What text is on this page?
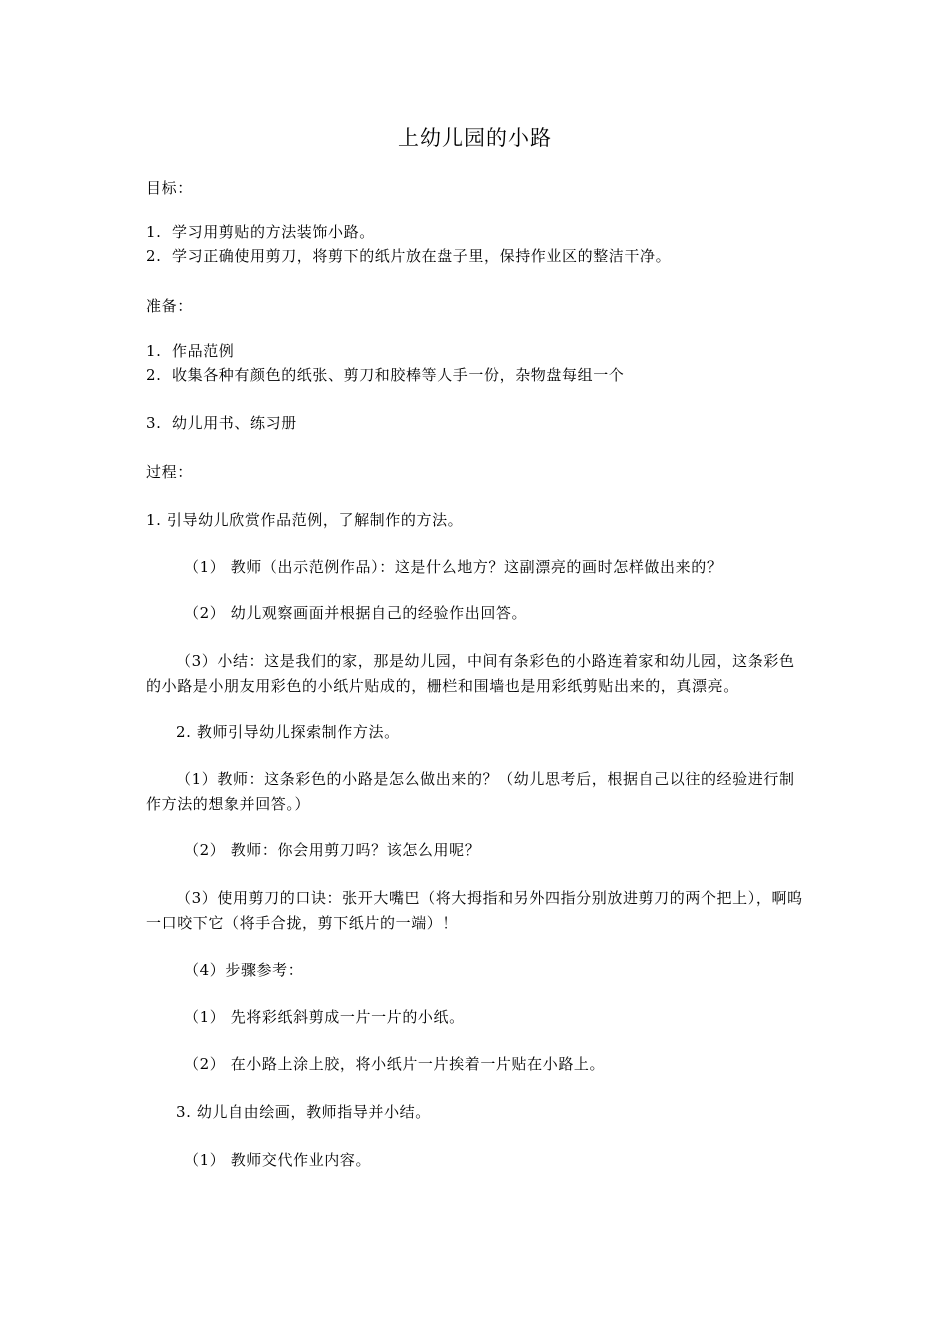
上幼儿园的小路
目标：
1. 学习用剪贴的方法装饰小路。
2. 学习正确使用剪刀，将剪下的纸片放在盘子里，保持作业区的整洁干净。
准备：
1. 作品范例
2. 收集各种有颜色的纸张、剪刀和胶棒等人手一份，杂物盘每组一个
3. 幼儿用书、练习册
过程：
1. 引导幼儿欣赏作品范例，了解制作的方法。
（1） 教师（出示范例作品）：这是什么地方？这副漂亮的画时怎样做出来的？
（2） 幼儿观察画面并根据自己的经验作出回答。
（3）小结：这是我们的家，那是幼儿园，中间有条彩色的小路连着家和幼儿园，这条彩色的小路是小朋友用彩色的小纸片贴成的，栅栏和围墙也是用彩纸剪贴出来的，真漂亮。
2. 教师引导幼儿探索制作方法。
（1）教师：这条彩色的小路是怎么做出来的？（幼儿思考后，根据自己以往的经验进行制作方法的想象并回答。）
（2） 教师：你会用剪刀吗？该怎么用呢？
（3）使用剪刀的口诀：张开大嘴巴（将大拇指和另外四指分别放进剪刀的两个把上），啊呜一口咬下它（将手合拢，剪下纸片的一端）！
（4）步骤参考：
（1） 先将彩纸斜剪成一片一片的小纸。
（2） 在小路上涂上胶，将小纸片一片挨着一片贴在小路上。
3. 幼儿自由绘画，教师指导并小结。
（1） 教师交代作业内容。
